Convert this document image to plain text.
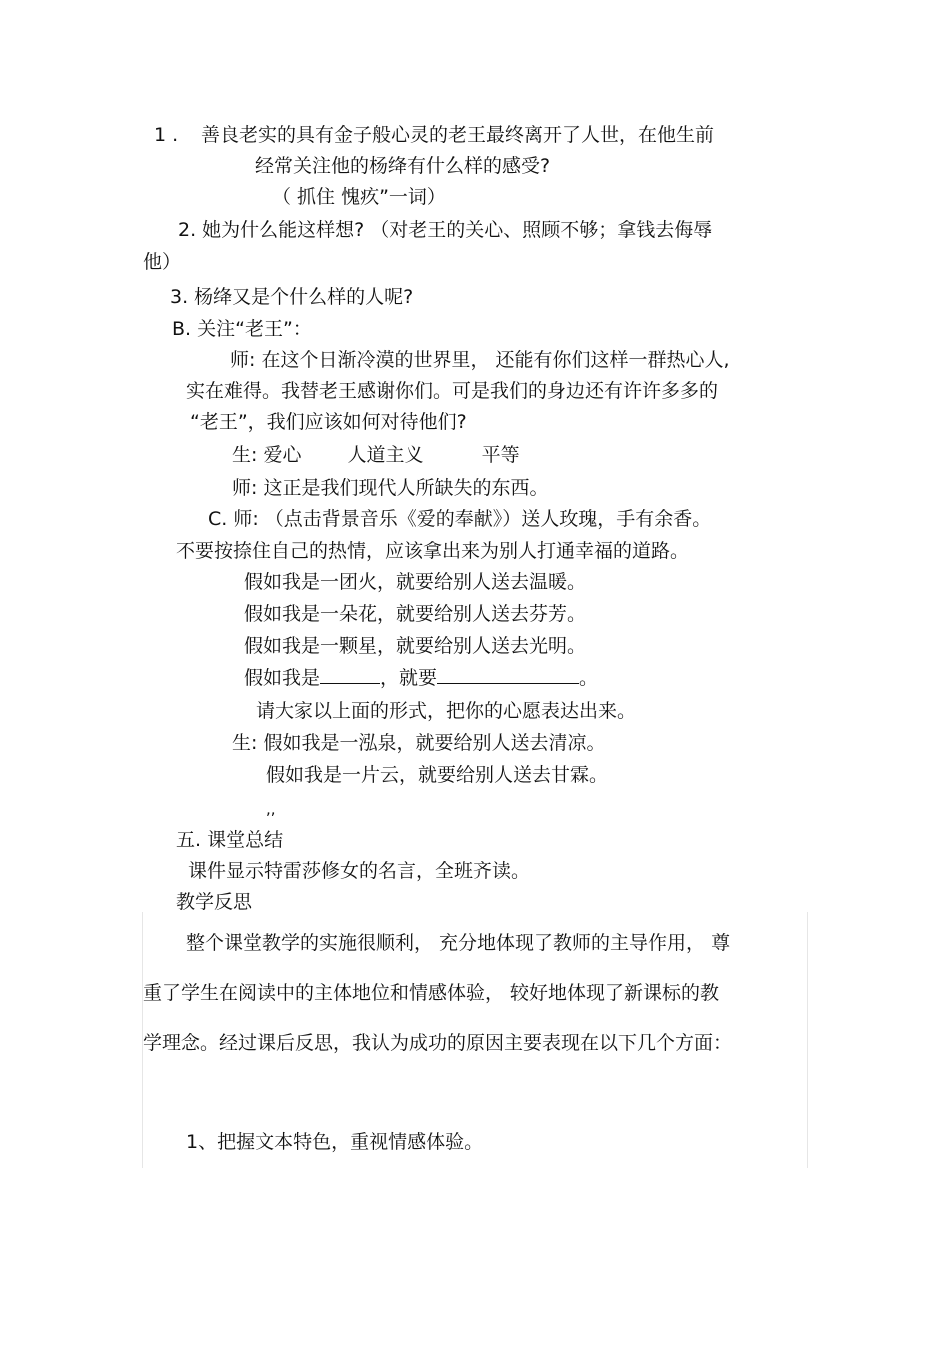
1 . 善良老实的具有金子般心灵的老王最终离开了人世，在他生前
经常关注他的杨绛有什么样的感受?
（ 抓住 愧疚”一词）
2. 她为什么能这样想? （对老王的关心、照顾不够；拿钱去侮辱
他）
3. 杨绛又是个什么样的人呢?
B. 关注“老王”：
师: 在这个日渐冷漠的世界里， 还能有你们这样一群热心人,
实在难得。我替老王感谢你们。可是我们的身边还有许许多多的
“老王”，我们应该如何对待他们?
生: 爱心 人道主义	平等
师: 这正是我们现代人所缺失的东西。
C. 师: （点击背景音乐《爱的奉献》）送人玫瑰，手有余香。
不要按捺住自己的热情，应该拿出来为别人打通幸福的道路。
假如我是一团火，就要给别人送去温暖。
假如我是一朵花，就要给别人送去芬芳。
假如我是一颗星，就要给别人送去光明。
假如我是	，就要	。
请大家以上面的形式，把你的心愿表达出来。
生: 假如我是一泓泉，就要给别人送去清凉。
假如我是一片云，就要给别人送去甘霖。
,,
五. 课堂总结
课件显示特雷莎修女的名言，全班齐读。
教学反思
整个课堂教学的实施很顺利， 充分地体现了教师的主导作用， 尊
重了学生在阅读中的主体地位和情感体验， 较好地体现了新课标的教
学理念。经过课后反思，我认为成功的原因主要表现在以下几个方面：
1、把握文本特色，重视情感体验。
